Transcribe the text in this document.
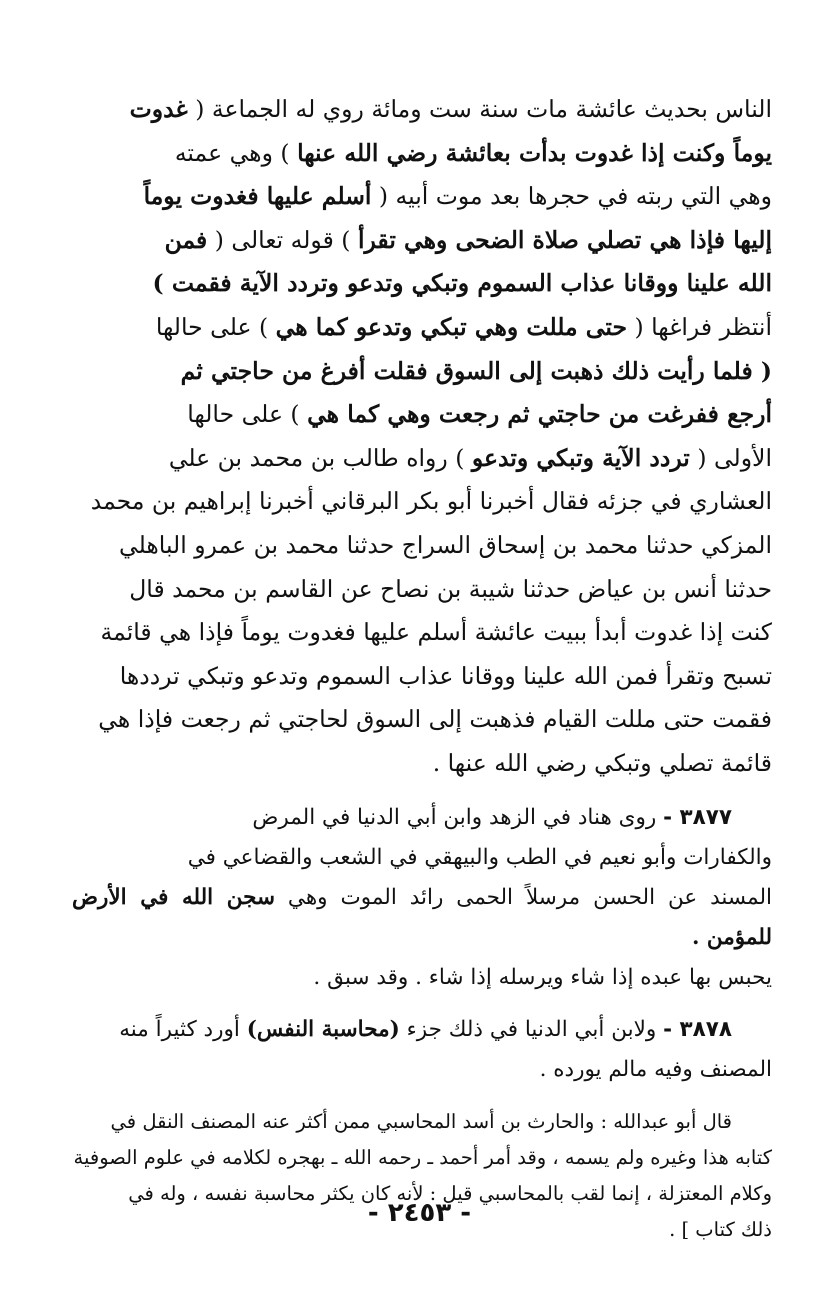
الناس بحديث عائشة مات سنة ست ومائة روي له الجماعة ( غدوت

يوماً وكنت إذا غدوت بدأت بعائشة رضي الله عنها ) وهي عمته

وهي التي ربته في حجرها بعد موت أبيه ( أسلم عليها فغدوت يوماً

إليها فإذا هي تصلي صلاة الضحى وهي تقرأ ) قوله تعالى ( فمن

الله علينا ووقانا عذاب السموم وتبكي وتدعو وتردد الآية فقمت )

أنتظر فراغها ( حتى مللت وهي تبكي وتدعو كما هي ) على حالها

( فلما رأيت ذلك ذهبت إلى السوق فقلت أفرغ من حاجتي ثم

أرجع ففرغت من حاجتي ثم رجعت وهي كما هي ) على حالها

الأولى ( تردد الآية وتبكي وتدعو ) رواه طالب بن محمد بن علي

العشاري في جزئه فقال أخبرنا أبو بكر البرقاني أخبرنا إبراهيم بن محمد

المزكي حدثنا محمد بن إسحاق السراج حدثنا محمد بن عمرو الباهلي

حدثنا أنس بن عياض حدثنا شيبة بن نصاح عن القاسم بن محمد قال

كنت إذا غدوت أبدأ ببيت عائشة أسلم عليها فغدوت يوماً فإذا هي قائمة

تسبح وتقرأ فمن الله علينا ووقانا عذاب السموم وتدعو وتبكي ترددها

فقمت حتى مللت القيام فذهبت إلى السوق لحاجتي ثم رجعت فإذا هي

قائمة تصلي وتبكي رضي الله عنها .

٣٨٧٧ - روى هناد في الزهد وابن أبي الدنيا في المرض

والكفارات وأبو نعيم في الطب والبيهقي في الشعب والقضاعي في

المسند عن الحسن مرسلاً الحمى رائد الموت وهي سجن الله في الأرض للمؤمن .

يحبس بها عبده إذا شاء ويرسله إذا شاء . وقد سبق .

٣٨٧٨ - ولابن أبي الدنيا في ذلك جزء (محاسبة النفس) أورد كثيراً منه

المصنف وفيه مالم يورده .

قال أبو عبدالله : والحارث بن أسد المحاسبي ممن أكثر عنه المصنف النقل في

كتابه هذا وغيره ولم يسمه ، وقد أمر أحمد ـ رحمه الله ـ بهجره لكلامه في علوم الصوفية

وكلام المعتزلة ، إنما لقب بالمحاسبي قيل : لأنه كان يكثر محاسبة نفسه ، وله في

ذلك كتاب ] .

- ٢٤٥٣ -
